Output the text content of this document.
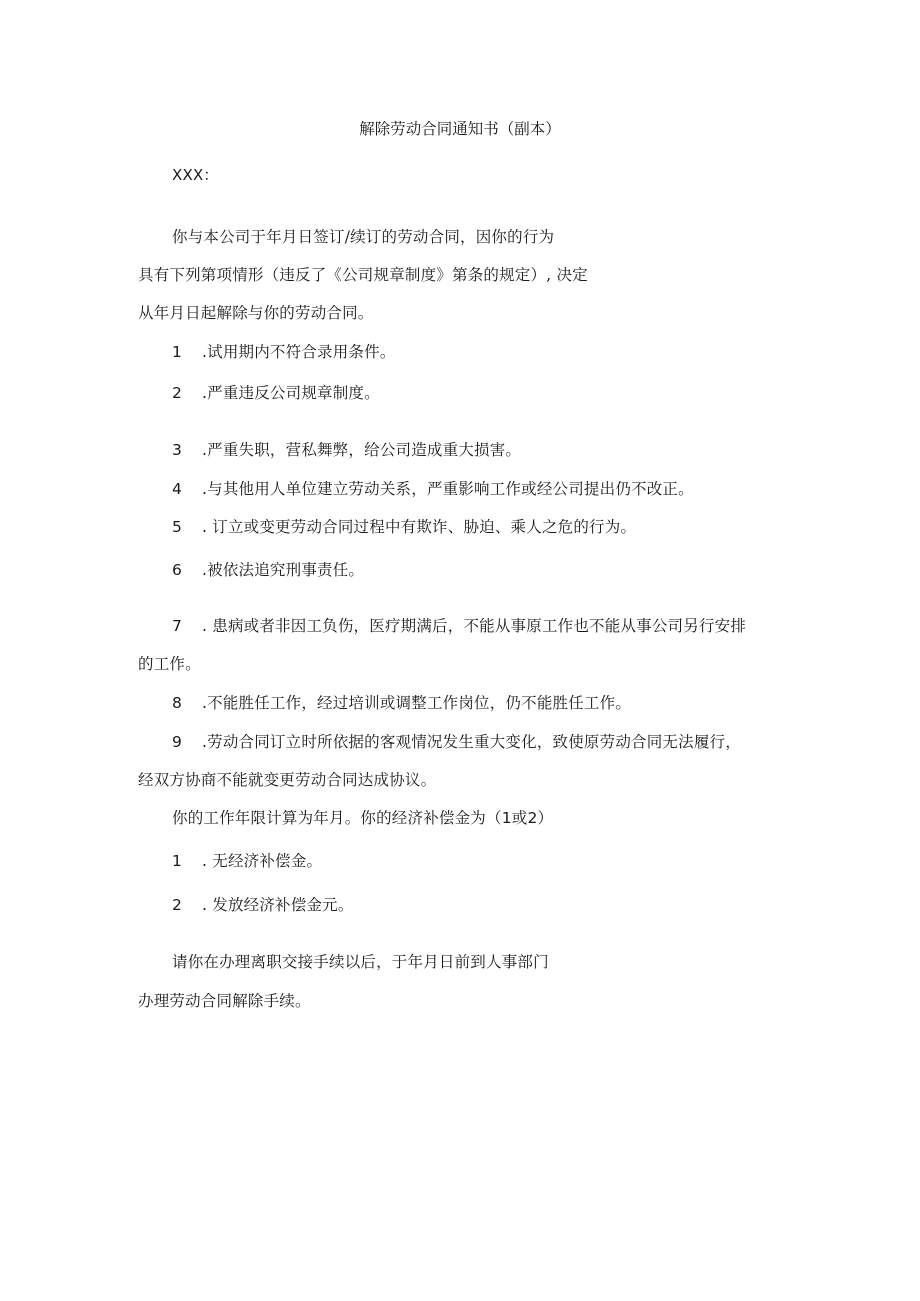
解除劳动合同通知书（副本）
XXX：
你与本公司于年月日签订/续订的劳动合同，因你的行为
具有下列第项情形（违反了《公司规章制度》第条的规定）, 决定
从年月日起解除与你的劳动合同。
1 .试用期内不符合录用条件。
2 .严重违反公司规章制度。
3 .严重失职，营私舞弊，给公司造成重大损害。
4 .与其他用人单位建立劳动关系，严重影响工作或经公司提出仍不改正。
5 . 订立或变更劳动合同过程中有欺诈、胁迫、乘人之危的行为。
6 .被依法追究刑事责任。
7 . 患病或者非因工负伤，医疗期满后，不能从事原工作也不能从事公司另行安排
的工作。
8 .不能胜任工作，经过培训或调整工作岗位，仍不能胜任工作。
9 .劳动合同订立时所依据的客观情况发生重大变化，致使原劳动合同无法履行，
经双方协商不能就变更劳动合同达成协议。
你的工作年限计算为年月。你的经济补偿金为（1或2）
1 . 无经济补偿金。
2 . 发放经济补偿金元。
请你在办理离职交接手续以后，于年月日前到人事部门
办理劳动合同解除手续。
